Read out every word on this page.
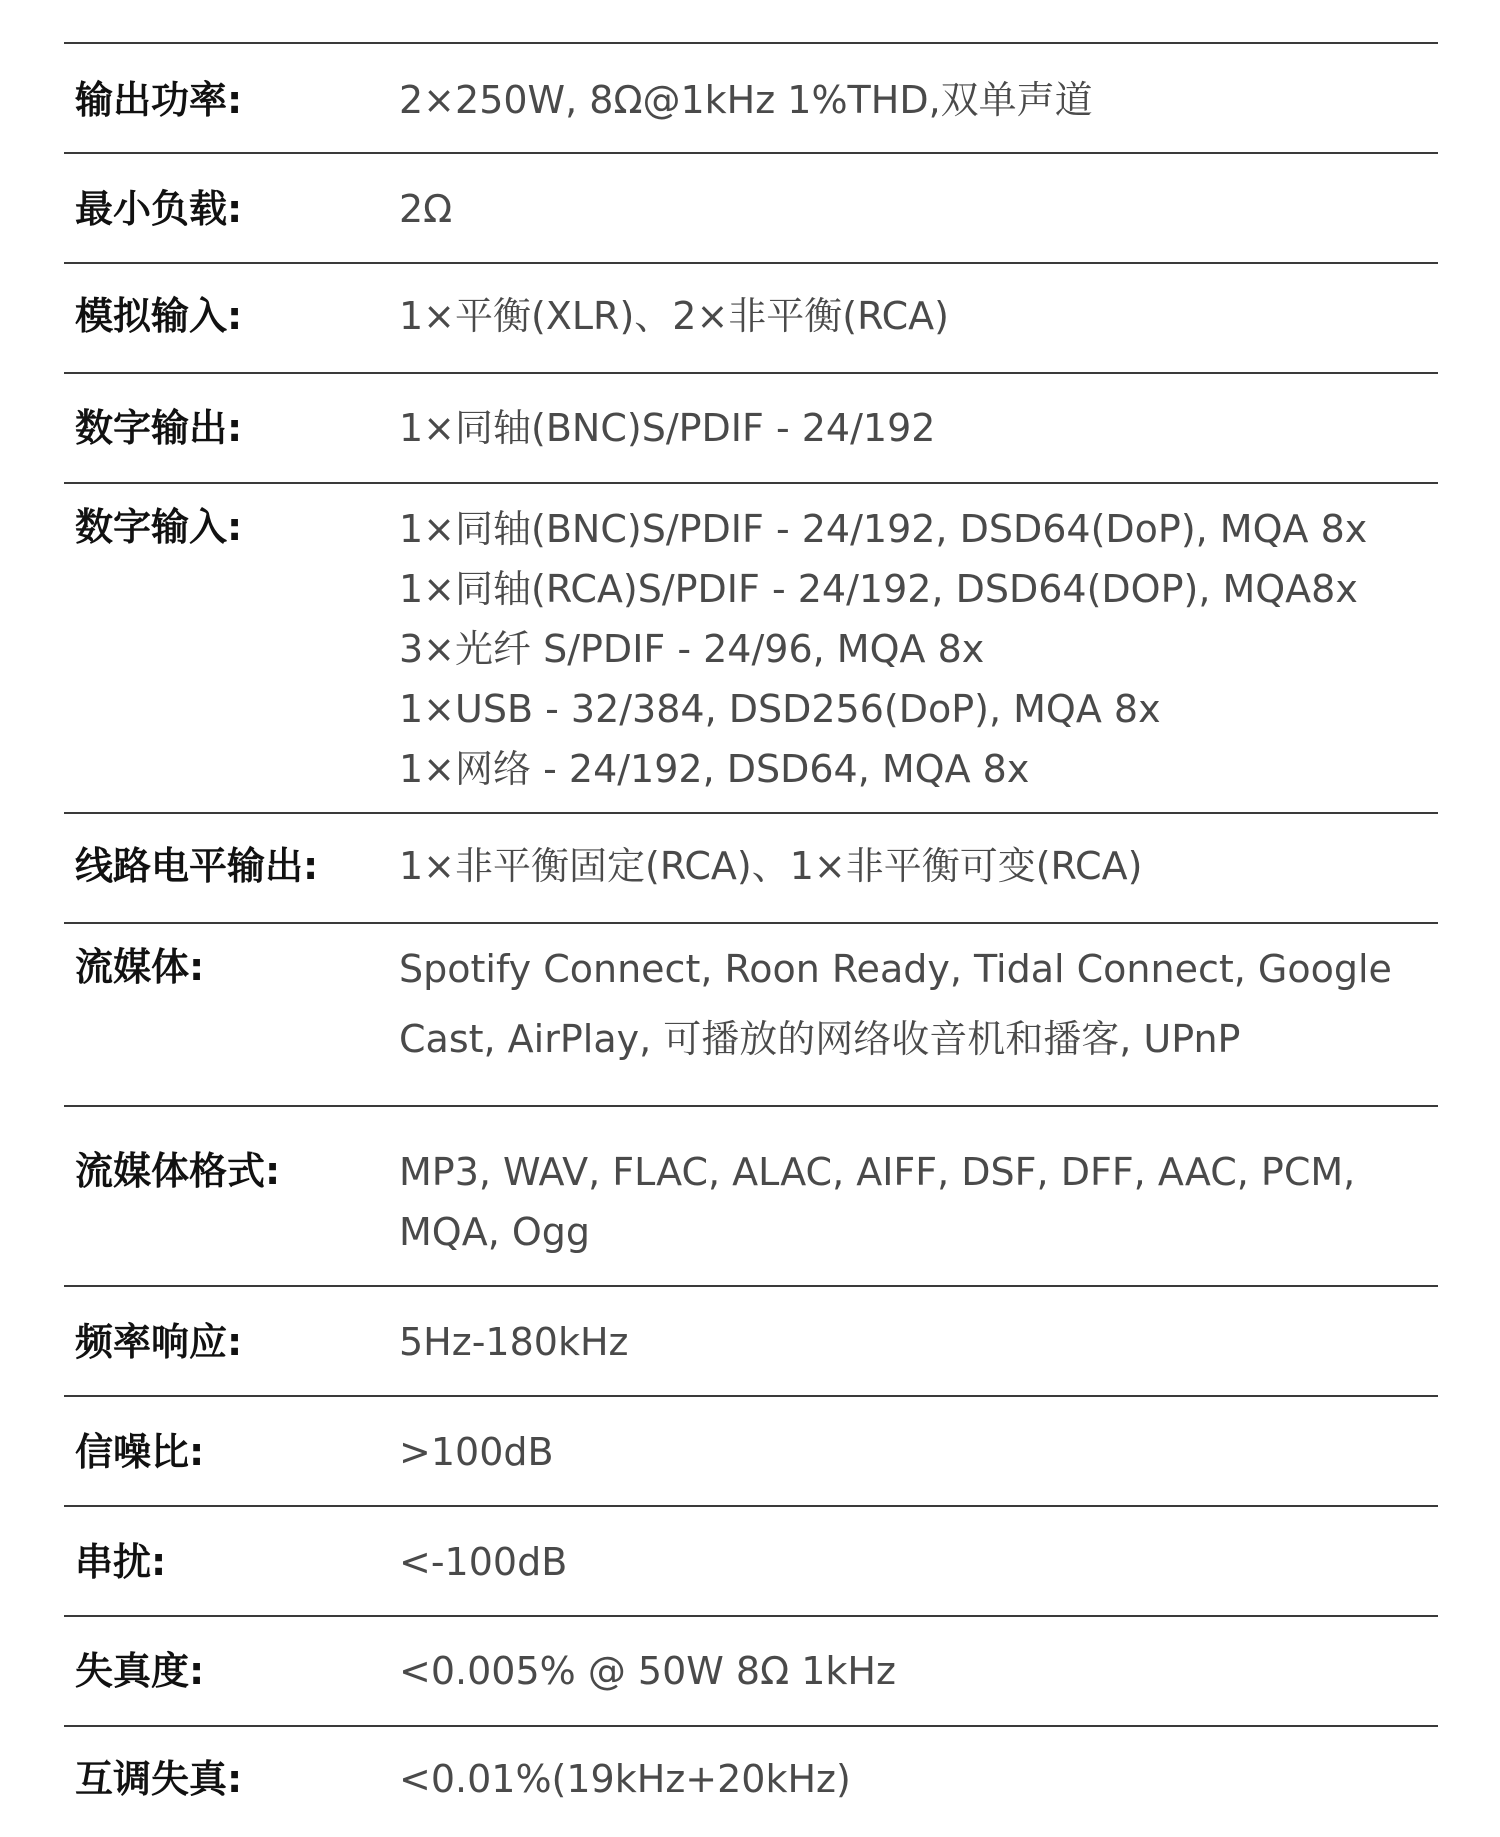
输出功率:	2×250W, 8Ω@1kHz 1%THD,双单声道
最小负载:	2Ω
模拟输入:	1×平衡(XLR)、2×非平衡(RCA)
数字输出:	1×同轴(BNC)S/PDIF - 24/192
数字输入:	1×同轴(BNC)S/PDIF - 24/192, DSD64(DoP), MQA 8x
1×同轴(RCA)S/PDIF - 24/192, DSD64(DOP), MQA8x
3×光纤 S/PDIF - 24/96, MQA 8x
1×USB - 32/384, DSD256(DoP), MQA 8x
1×网络 - 24/192, DSD64, MQA 8x
线路电平输出:	1×非平衡固定(RCA)、1×非平衡可变(RCA)
流媒体:	Spotify Connect, Roon Ready, Tidal Connect, Google
Cast, AirPlay, 可播放的网络收音机和播客, UPnP
流媒体格式:	MP3, WAV, FLAC, ALAC, AIFF, DSF, DFF, AAC, PCM,
MQA, Ogg
频率响应:	5Hz-180kHz
信噪比:	>100dB
串扰:	<-100dB
失真度:	<0.005% @ 50W 8Ω 1kHz
互调失真:	<0.01%(19kHz+20kHz)
